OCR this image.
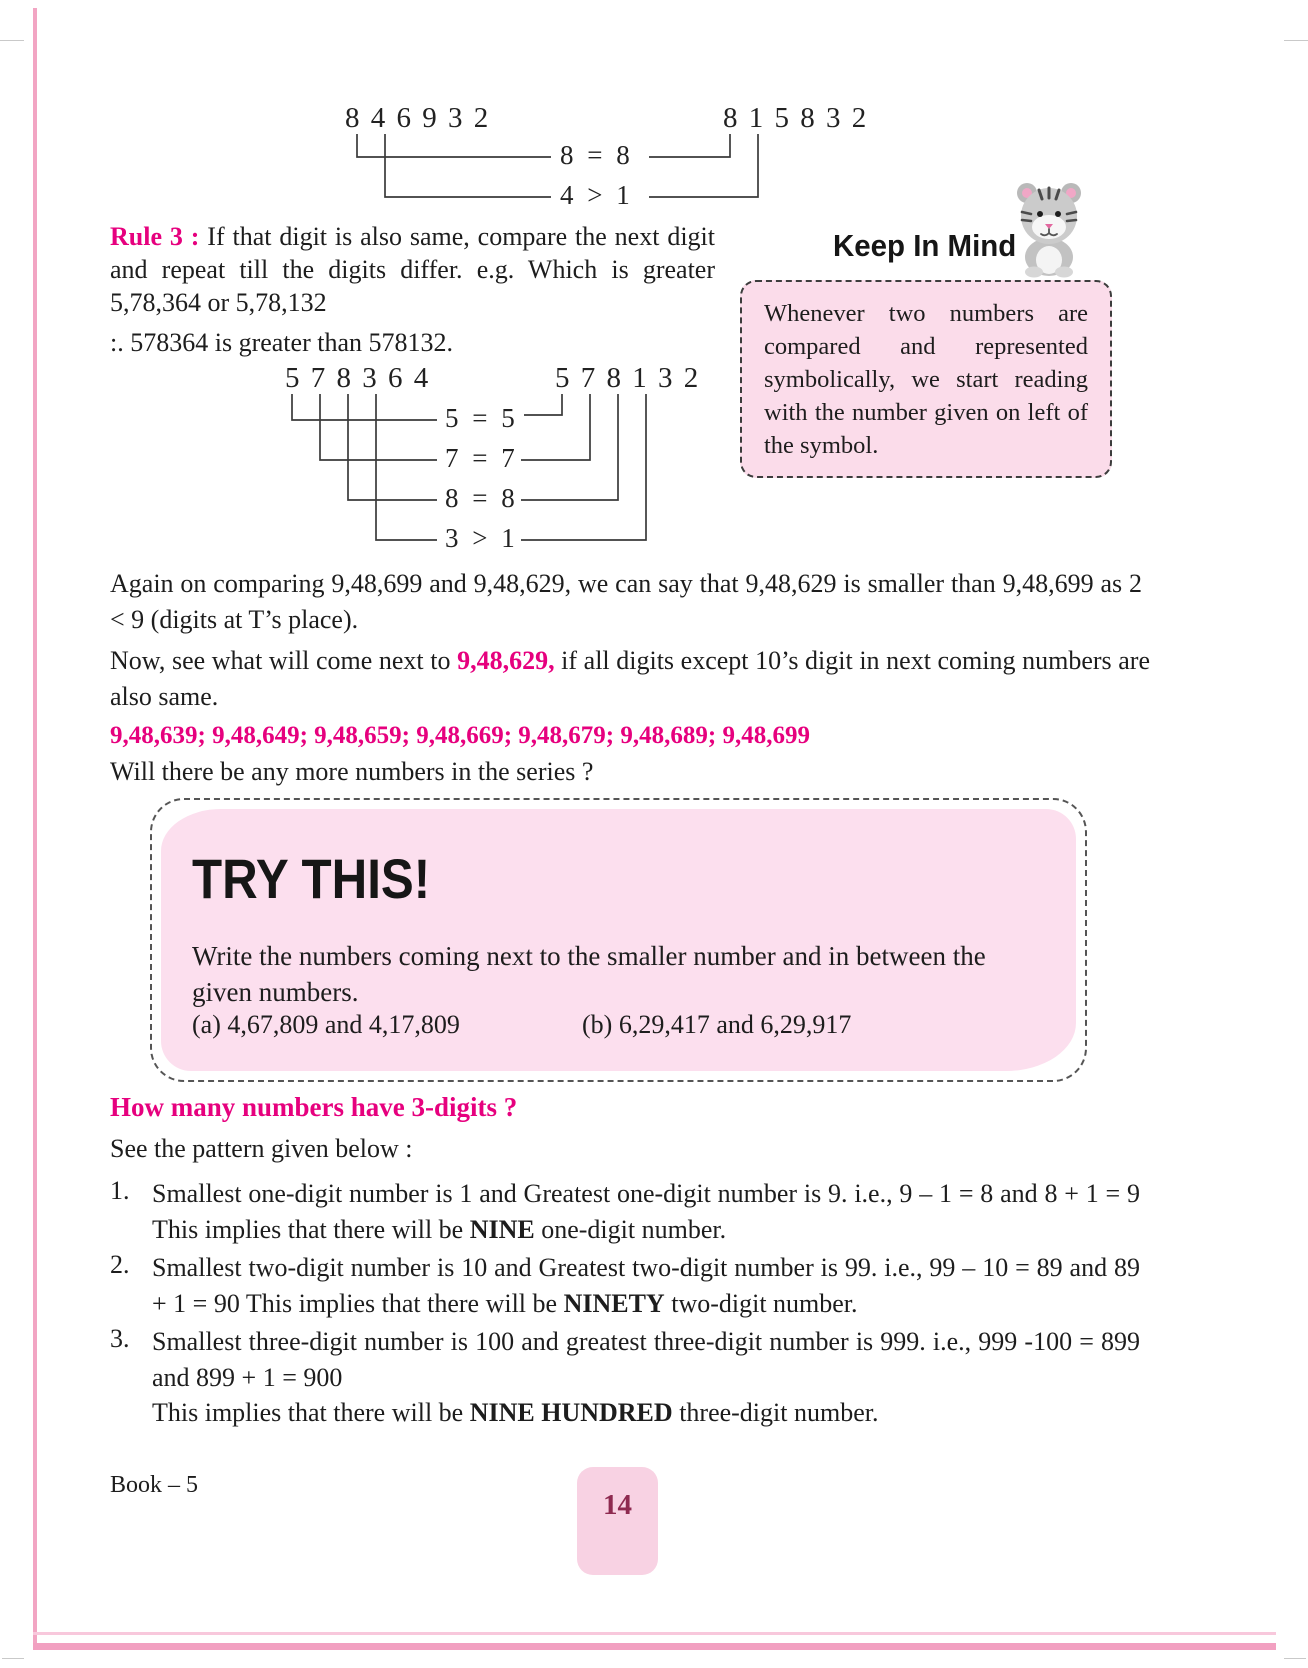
8 4 6 9 3 2	8 1 5 8 3 2
8 = 8
4 > 1
Rule 3 : If that digit is also same, compare the next digit and repeat till the digits differ. e.g. Which is greater 5,78,364 or 5,78,132
:. 578364 is greater than 578132.
5 7 8 3 6 4	5 7 8 1 3 2
5 = 5
7 = 7
8 = 8
3 > 1
Keep In Mind
Whenever two numbers are compared and represented symbolically, we start reading with the number given on left of the symbol.
Again on comparing 9,48,699 and 9,48,629, we can say that 9,48,629 is smaller than 9,48,699 as 2 < 9 (digits at T’s place).
Now, see what will come next to 9,48,629, if all digits except 10’s digit in next coming numbers are also same.
9,48,639; 9,48,649; 9,48,659; 9,48,669; 9,48,679; 9,48,689; 9,48,699
Will there be any more numbers in the series ?
TRY THIS!
Write the numbers coming next to the smaller number and in between the given numbers.
(a) 4,67,809 and 4,17,809	(b) 6,29,417 and 6,29,917
How many numbers have 3-digits ?
See the pattern given below :
1. Smallest one-digit number is 1 and Greatest one-digit number is 9. i.e., 9 – 1 = 8 and 8 + 1 = 9 This implies that there will be NINE one-digit number.
2. Smallest two-digit number is 10 and Greatest two-digit number is 99. i.e., 99 – 10 = 89 and 89 + 1 = 90 This implies that there will be NINETY two-digit number.
3. Smallest three-digit number is 100 and greatest three-digit number is 999. i.e., 999 -100 = 899 and 899 + 1 = 900
This implies that there will be NINE HUNDRED three-digit number.
Book – 5
14
